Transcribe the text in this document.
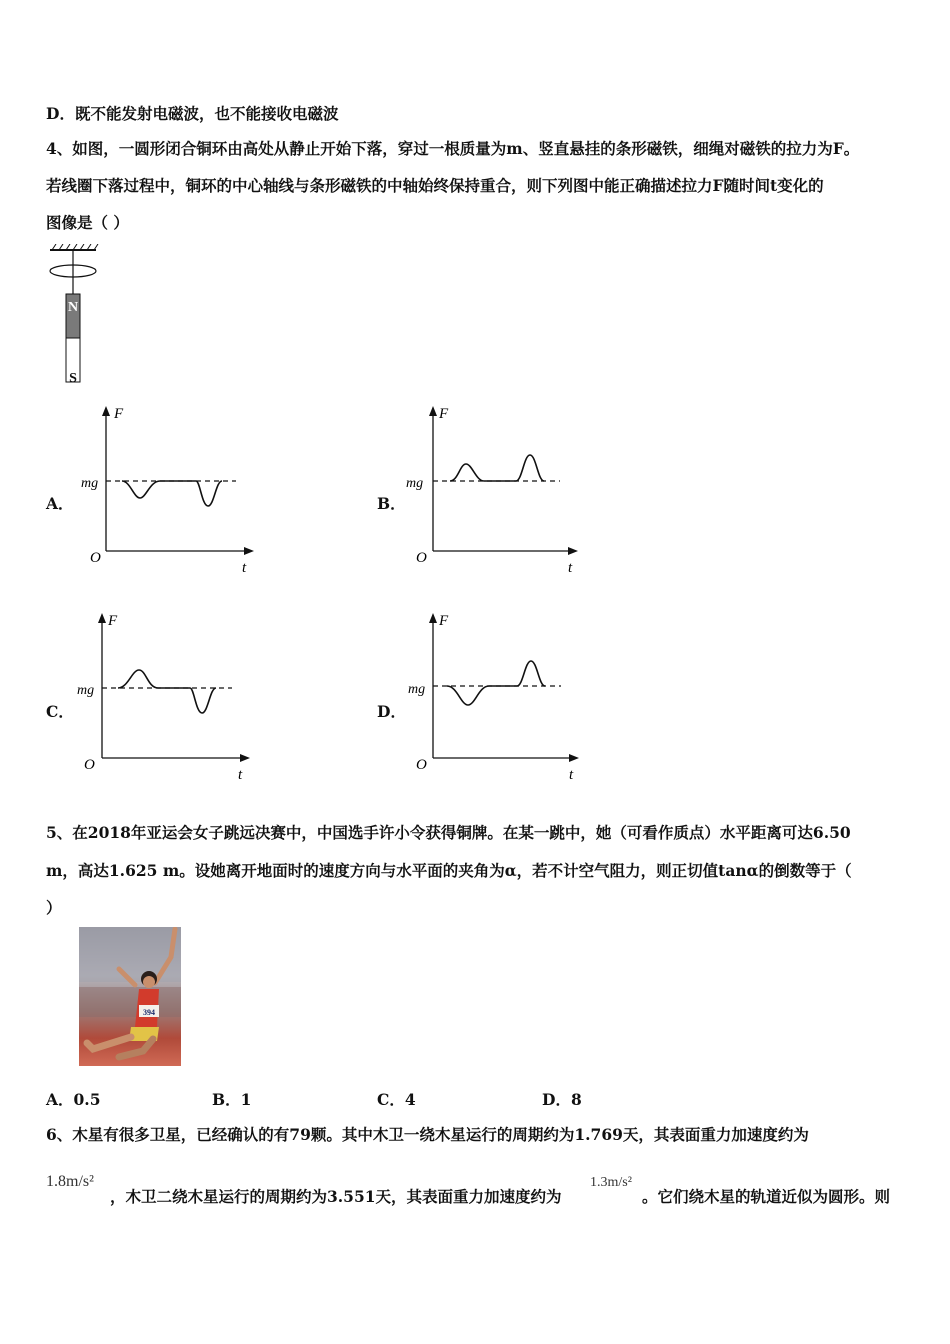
D．既不能发射电磁波，也不能接收电磁波
4、如图，一圆形闭合铜环由高处从静止开始下落，穿过一根质量为m、竖直悬挂的条形磁铁，细绳对磁铁的拉力为F。
若线圈下落过程中，铜环的中心轴线与条形磁铁的中轴始终保持重合，则下列图中能正确描述拉力F随时间t变化的
图像是（ ）
N
S
A．
F
mg
O
t
B．
F
mg
O
t
C．
F
mg
O
t
D．
F
mg
O
t
5、在2018年亚运会女子跳远决赛中，中国选手许小令获得铜牌。在某一跳中，她（可看作质点）水平距离可达6.50
m，高达1.625 m。设她离开地面时的速度方向与水平面的夹角为α，若不计空气阻力，则正切值tanα的倒数等于（
）
394
A．0.5	B．1	C．4	D．8
6、木星有很多卫星，已经确认的有79颗。其中木卫一绕木星运行的周期约为1.769天，其表面重力加速度约为
1.8m/s²
，木卫二绕木星运行的周期约为3.551天，其表面重力加速度约为
1.3m/s²
。它们绕木星的轨道近似为圆形。则
